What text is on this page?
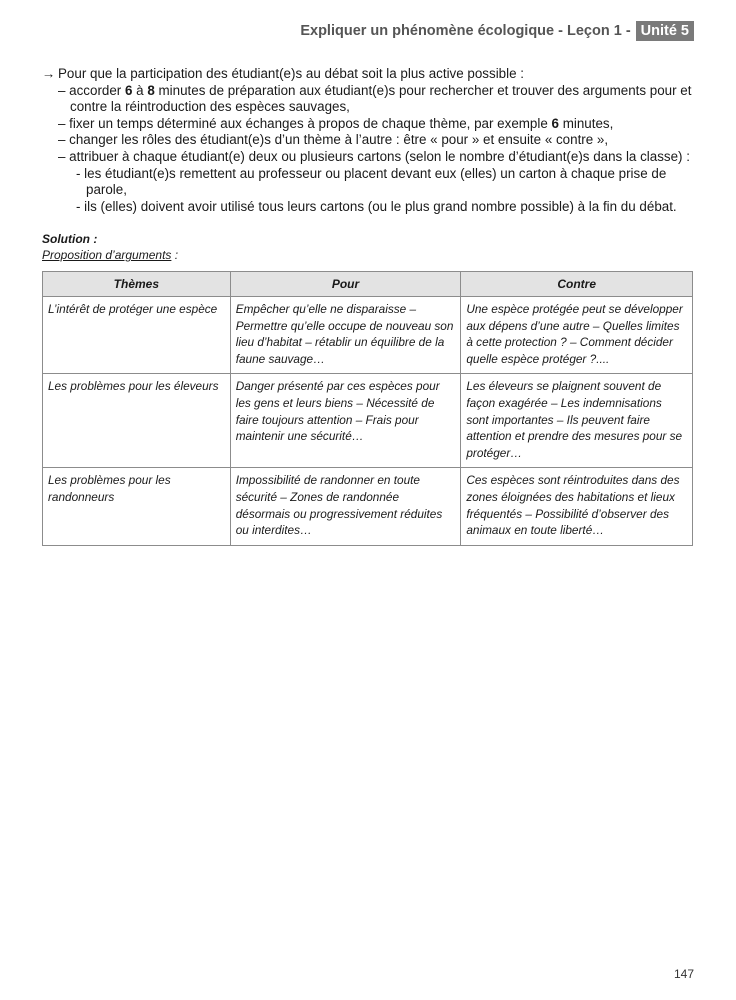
Expliquer un phénomène écologique - Leçon 1 - Unité 5
→ Pour que la participation des étudiant(e)s au débat soit la plus active possible :
– accorder 6 à 8 minutes de préparation aux étudiant(e)s pour rechercher et trouver des arguments pour et contre la réintroduction des espèces sauvages,
– fixer un temps déterminé aux échanges à propos de chaque thème, par exemple 6 minutes,
– changer les rôles des étudiant(e)s d’un thème à l’autre : être « pour » et ensuite « contre »,
– attribuer à chaque étudiant(e) deux ou plusieurs cartons (selon le nombre d’étudiant(e)s dans la classe) :
- les étudiant(e)s remettent au professeur ou placent devant eux (elles) un carton à chaque prise de parole,
- ils (elles) doivent avoir utilisé tous leurs cartons (ou le plus grand nombre possible) à la fin du débat.
Solution :
Proposition d’arguments :
Thèmes	Pour	Contre
L’intérêt de protéger une espèce	Empêcher qu’elle ne disparaisse – Permettre qu’elle occupe de nouveau son lieu d’habitat – rétablir un équilibre de la faune sauvage…	Une espèce protégée peut se développer aux dépens d’une autre – Quelles limites à cette protection ? – Comment décider quelle espèce protéger ?....
Les problèmes pour les éleveurs	Danger présenté par ces espèces pour les gens et leurs biens – Nécessité de faire toujours attention – Frais pour maintenir une sécurité…	Les éleveurs se plaignent souvent de façon exagérée – Les indemnisations sont importantes – Ils peuvent faire attention et prendre des mesures pour se protéger…
Les problèmes pour les randonneurs	Impossibilité de randonner en toute sécurité – Zones de randonnée désormais ou progressivement réduites ou interdites…	Ces espèces sont réintroduites dans des zones éloignées des habitations et lieux fréquentés – Possibilité d’observer des animaux en toute liberté…
147
